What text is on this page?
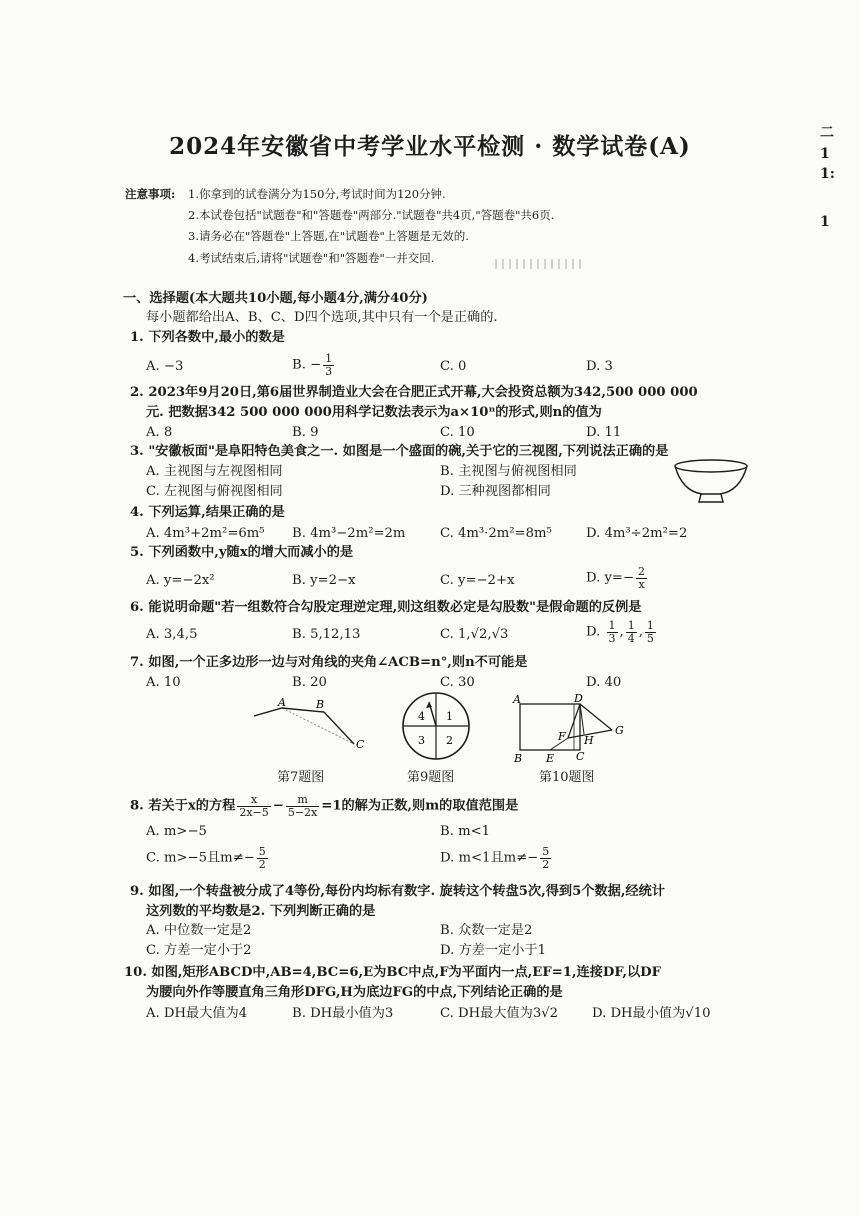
2024年安徽省中考学业水平检测 · 数学试卷(A)	二
1
1:
1
注意事项: 1.你拿到的试卷满分为150分,考试时间为120分钟.
2.本试卷包括"试题卷"和"答题卷"两部分."试题卷"共4页,"答题卷"共6页.
3.请务必在"答题卷"上答题,在"试题卷"上答题是无效的.
4.考试结束后,请将"试题卷"和"答题卷"一并交回.
一、选择题(本大题共10小题,每小题4分,满分40分)
每小题都给出A、B、C、D四个选项,其中只有一个是正确的.
1. 下列各数中,最小的数是
A. −3	B. − $\frac{1}{3}$	C. 0	D. 3
2. 2023年9月20日,第6届世界制造业大会在合肥正式开幕,大会投资总额为342,500 000 000
元. 把数据342 500 000 000用科学记数法表示为a×10ⁿ的形式,则n的值为
A. 8	B. 9	C. 10	D. 11
3. "安徽板面"是阜阳特色美食之一. 如图是一个盛面的碗,关于它的三视图,下列说法正确的是
A. 主视图与左视图相同	B. 主视图与俯视图相同
C. 左视图与俯视图相同	D. 三种视图都相同
4. 下列运算,结果正确的是
A. 4m³+2m²=6m⁵ B. 4m³−2m²=2m	C. 4m³·2m²=8m⁵	D. 4m³÷2m²=2
5. 下列函数中,y随x的增大而减小的是
A. y=−2x²	B. y=2−x	C. y=−2+x	D. $y=- \frac{2}{x}$
6. 能说明命题"若一组数符合勾股定理逆定理,则这组数必定是勾股数"是假命题的反例是
A. 3,4,5	B. 5,12,13	C. 1,√2,√3	D. $\frac{1}{3}$ , $\frac{1}{4}$ , $\frac{1}{5}$
7. 如图,一个正多边形一边与对角线的夹角∠ACB=n°,则n不可能是
A. 10	B. 20	C. 30	D. 40
A	B
C
第7题图
4 1
3 2
第9题图
A	D
G
F H
B E C
第10题图
8. 若关于x的方程 $\frac{x}{2x-5} - \frac{m}{5-2x} =1$的解为正数,则m的取值范围是
A. m>−5	B. m<1
C. m>−5且$m\ne- \frac{5}{2}$	D. m<1且$m\ne- \frac{5}{2}$
9. 如图,一个转盘被分成了4等份,每份内均标有数字. 旋转这个转盘5次,得到5个数据,经统计
这列数的平均数是2. 下列判断正确的是
A. 中位数一定是2	B. 众数一定是2
C. 方差一定小于2	D. 方差一定小于1
10. 如图,矩形ABCD中,AB=4,BC=6,E为BC中点,F为平面内一点,EF=1,连接DF,以DF
为腰向外作等腰直角三角形DFG,H为底边FG的中点,下列结论正确的是
A. DH最大值为4	B. DH最小值为3	C. DH最大值为3√2	D. DH最小值为√10
